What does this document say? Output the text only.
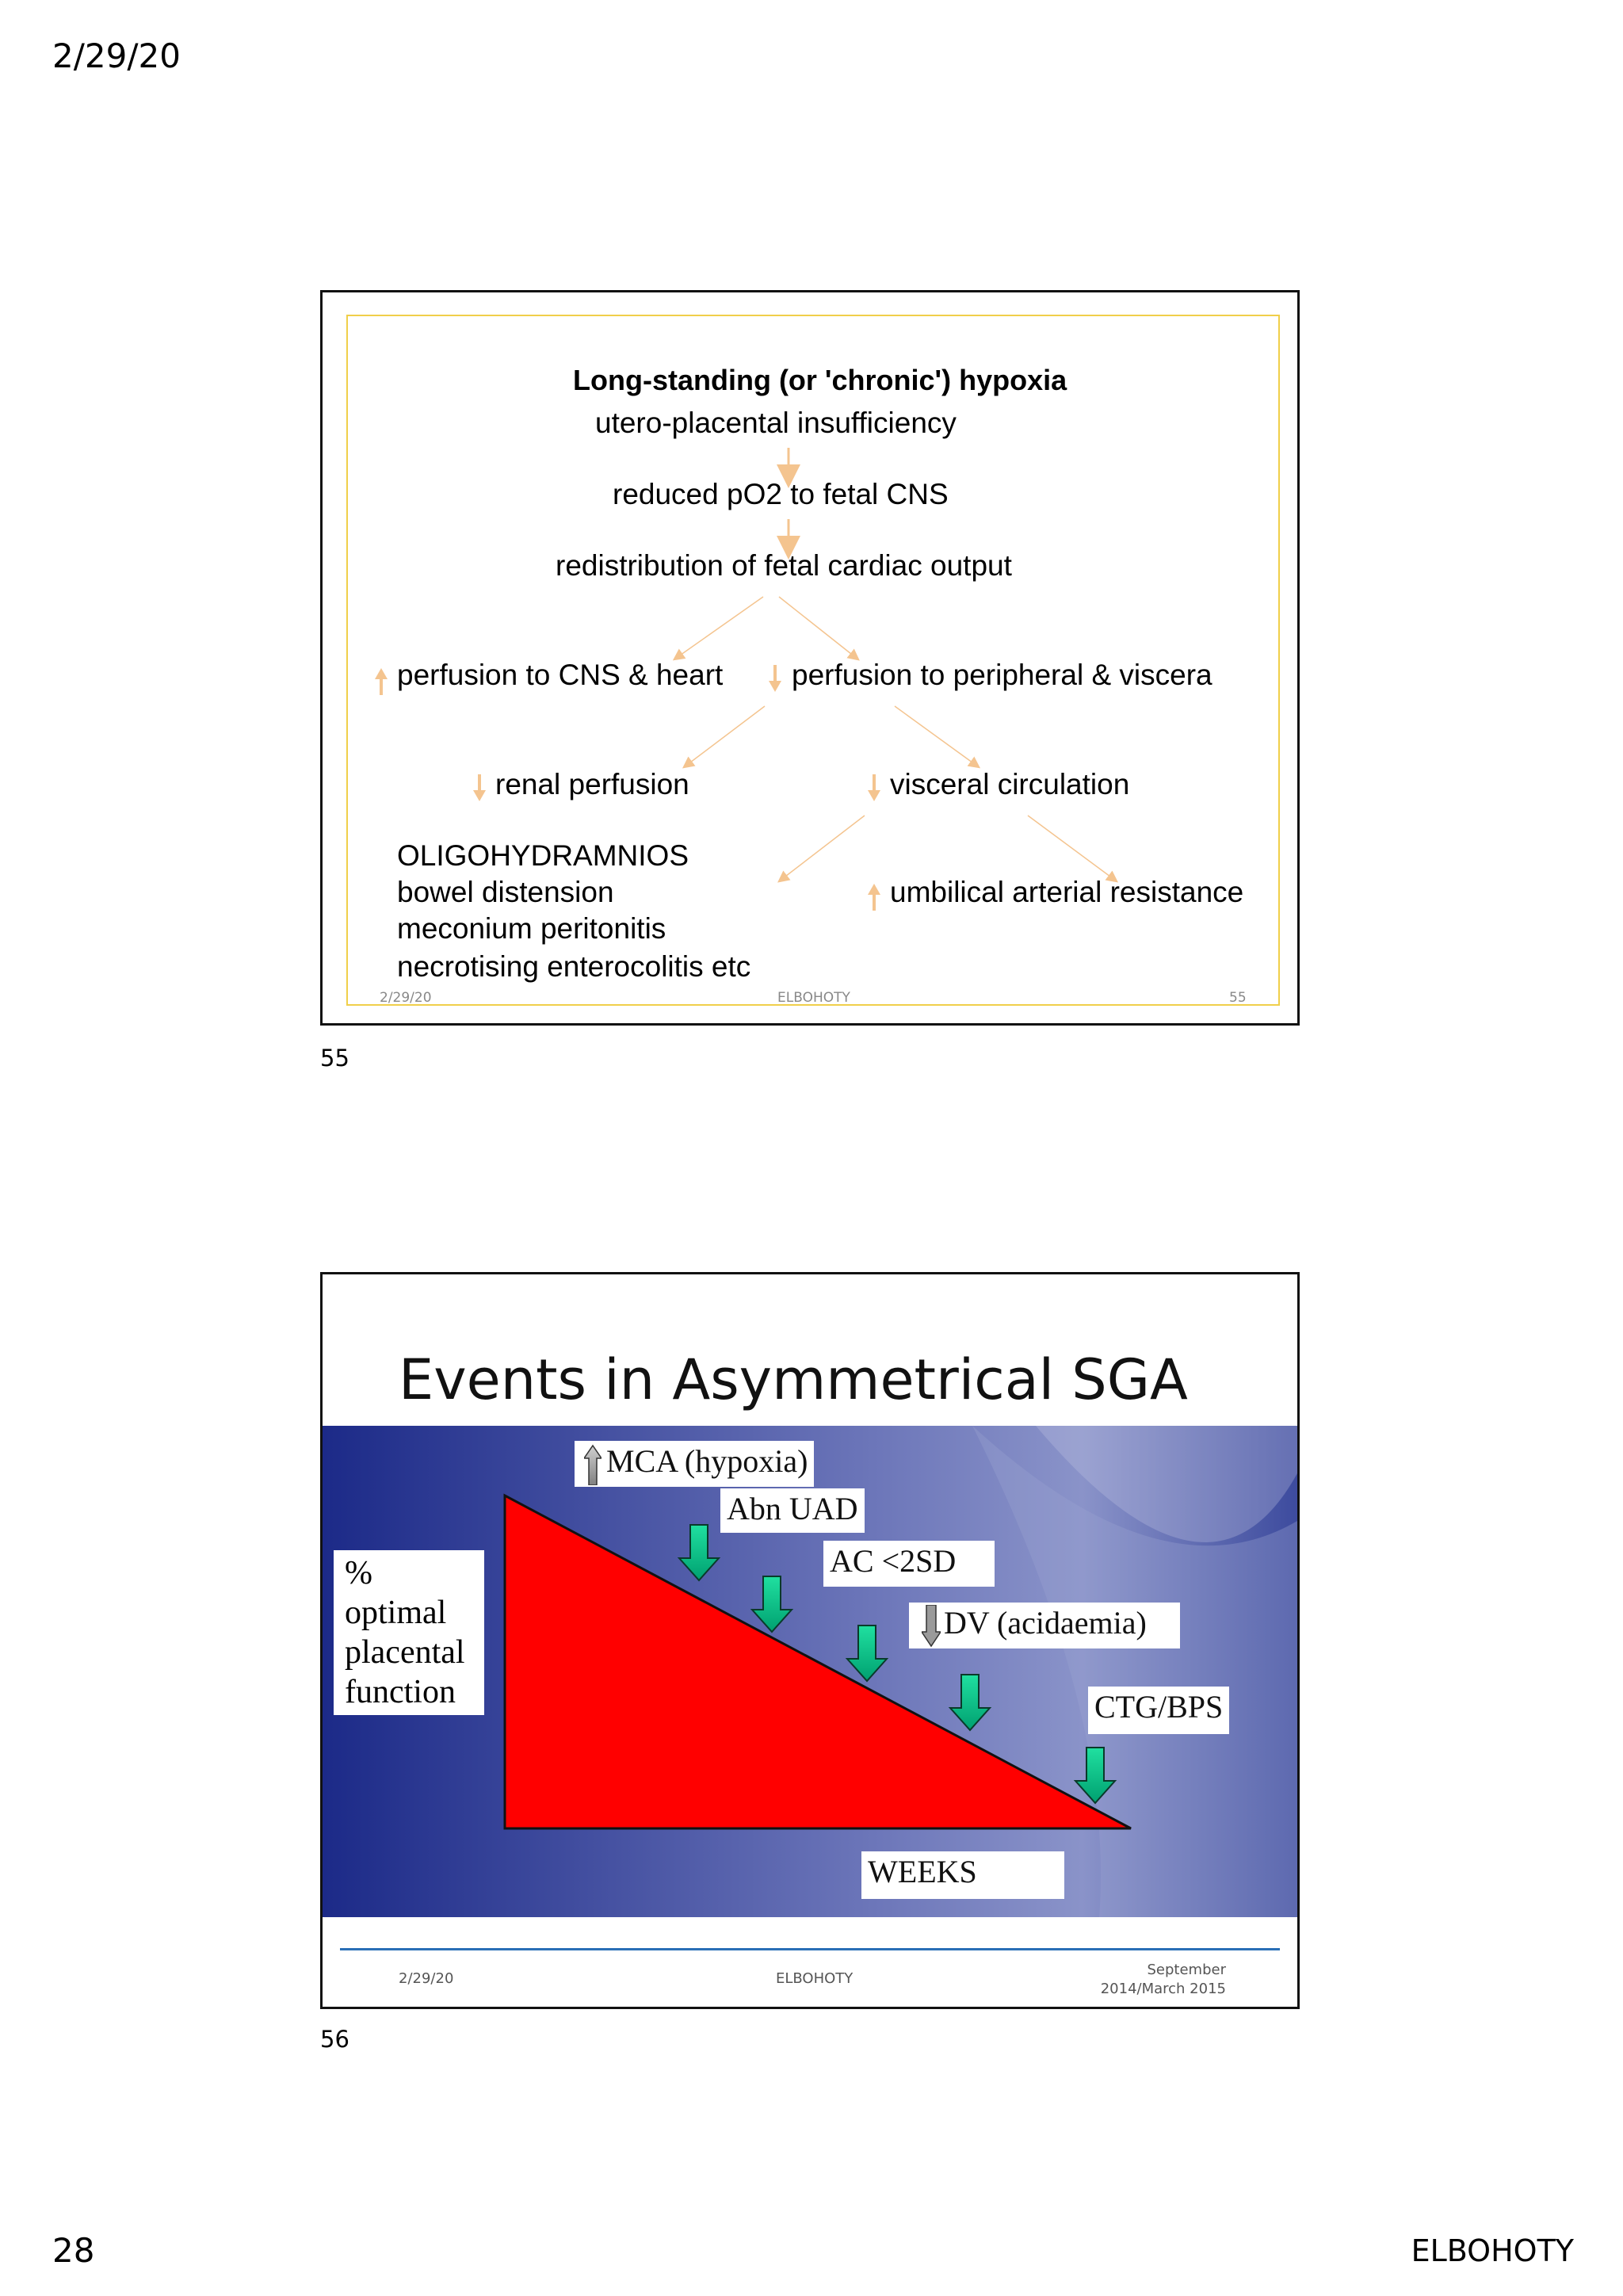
2/29/20
Long-standing (or 'chronic') hypoxia
utero-placental insufficiency
reduced pO2 to fetal CNS
redistribution of fetal cardiac output
perfusion to CNS & heart perfusion to peripheral & viscera
renal perfusion	visceral circulation
OLIGOHYDRAMNIOS
bowel distension
meconium peritonitis
necrotising enterocolitis etc
umbilical arterial resistance
2/29/20	ELBOHOTY	55
55
Events in Asymmetrical SGA
MCA (hypoxia)
Abn UAD
AC <2SD
DV (acidaemia)
CTG/BPS
WEEKS
% optimal placental function
2/29/20	ELBOHOTY
September 2014/March 2015
56
28	ELBOHOTY
